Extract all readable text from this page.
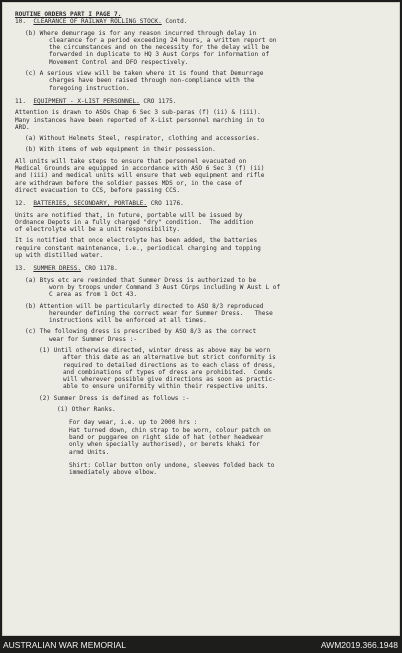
ROUTINE ORDERS PART I PAGE 7.
10. CLEARANCE OF RAILWAY ROLLING STOCK. Contd.
(b) Where demurrage is for any reason incurred through delay in
clearance for a period exceeding 24 hours, a written report on
the circumstances and on the necessity for the delay will be
forwarded in duplicate to HQ 3 Aust Corps for information of
Movement Control and DFO respectively.
(c) A serious view will be taken where it is found that Demurrage
charges have been raised through non-compliance with the
foregoing instruction.
11. EQUIPMENT - X-LIST PERSONNEL. CRO 1175.
Attention is drawn to ASOs Chap 6 Sec 3 sub-paras (f) (ii) & (iii).
Many instances have been reported of X-List personnel marching in to
ARD.
(a) Without Helmets Steel, respirator, clothing and accessories.
(b) With items of web equipment in their possession.
All units will take steps to ensure that personnel evacuated on
Medical Grounds are equipped in accordance with ASO 6 Sec 3 (f) (ii)
and (iii) and medical units will ensure that web equipment and rifle
are withdrawn before the soldier passes MDS or, in the case of
direct evacuation to CCS, before passing CCS.
12. BATTERIES, SECONDARY, PORTABLE. CRO 1176.
Units are notified that, in future, portable will be issued by
Ordnance Depots in a fully charged "dry" condition.  The addition
of electrolyte will be a unit responsibility.
It is notified that once electrolyte has been added, the batteries
require constant maintenance, i.e., periodical charging and topping
up with distilled water.
13. SUMMER DRESS. CRO 1178.
(a) Btys etc are reminded that Summer Dress is authorized to be
worn by troops under Command 3 Aust CGrps including W Aust L of
C area as from 1 Oct 43.
(b) Attention will be particularly directed to ASO 8/3 reproduced
hereunder defining the correct wear for Summer Dress.   These
instructions will be enforced at all times.
(c) The following dress is prescribed by ASO 8/3 as the correct
wear for Summer Dress :-
(1) Until otherwise directed, winter dress as above may be worn
after this date as an alternative but strict conformity is
required to detailed directions as to each class of dress,
and combinations of types of dress are prohibited.  Comds
will wherever possible give directions as soon as practic-
able to ensure uniformity within their respective units.
(2) Summer Dress is defined as follows :-
(i) Other Ranks.
For day wear, i.e. up to 2000 hrs :
Hat turned down, chin strap to be worn, colour patch on
band or puggaree on right side of hat (other headwear
only when specially authorised), or berets khaki for
armd Units.
Shirt: Collar button only undone, sleeves folded back to
immediately above elbow.
AUSTRALIAN WAR MEMORIAL	AWM2019.366.1948
